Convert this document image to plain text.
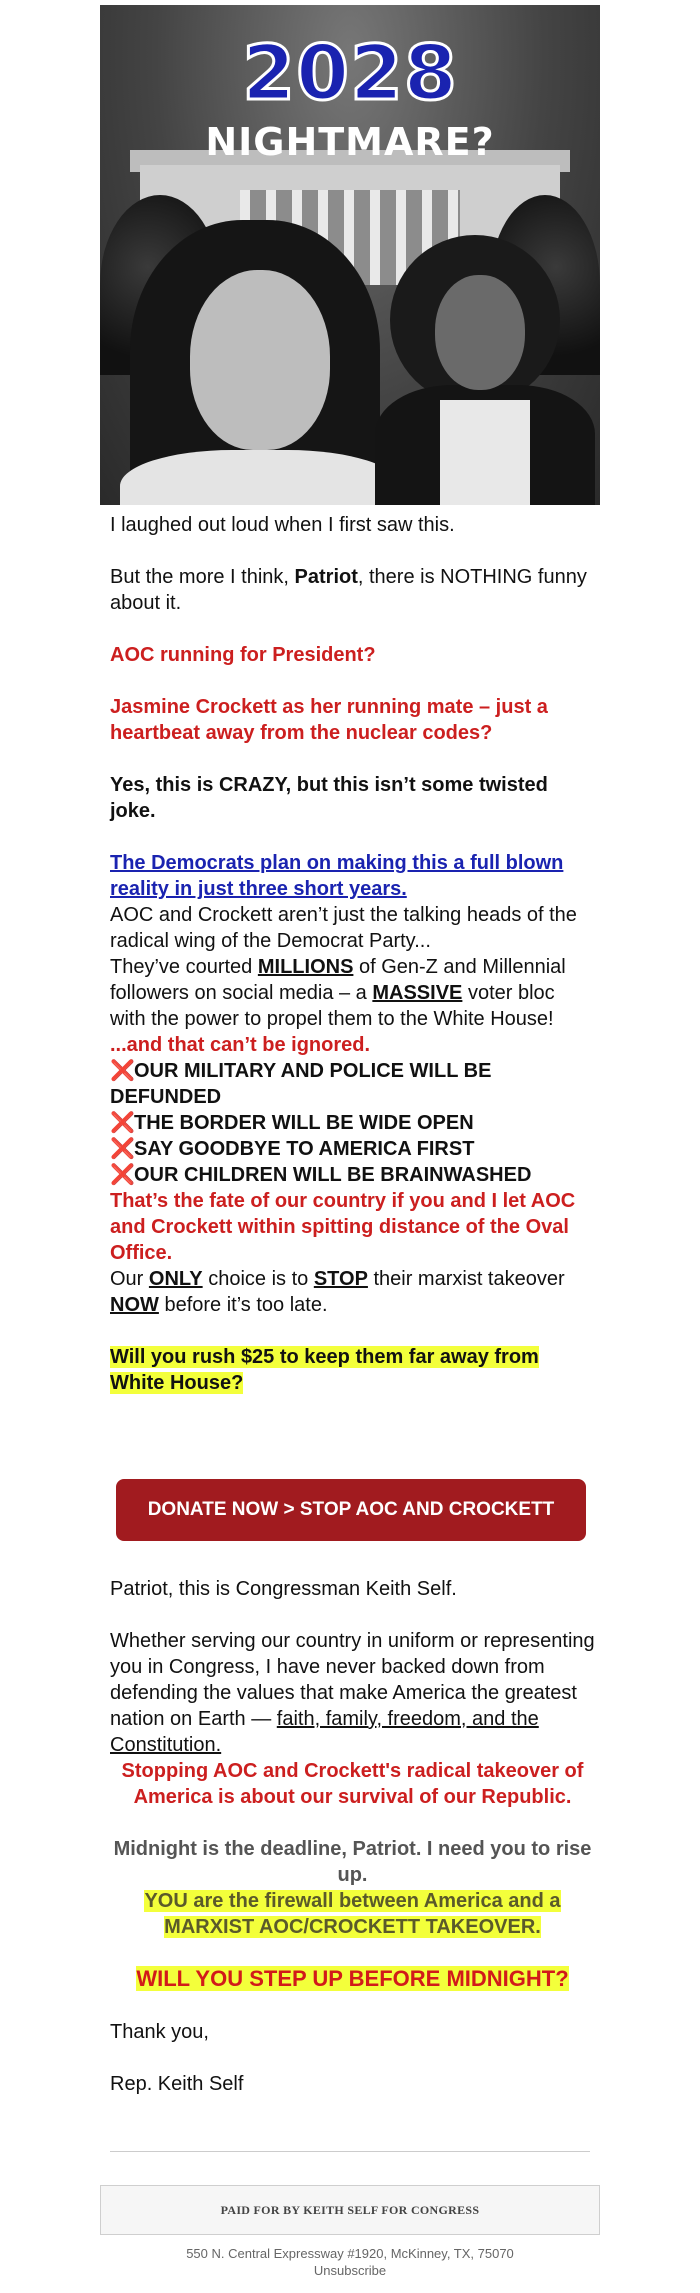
2028
NIGHTMARE?

I laughed out loud when I first saw this.

But the more I think, Patriot, there is NOTHING funny about it.

AOC running for President?

Jasmine Crockett as her running mate – just a heartbeat away from the nuclear codes?

Yes, this is CRAZY, but this isn’t some twisted joke.

The Democrats plan on making this a full blown reality in just three short years.

AOC and Crockett aren’t just the talking heads of the radical wing of the Democrat Party...

They’ve courted MILLIONS of Gen-Z and Millennial followers on social media – a MASSIVE voter bloc with the power to propel them to the White House!

...and that can’t be ignored.

❌OUR MILITARY AND POLICE WILL BE DEFUNDED

❌THE BORDER WILL BE WIDE OPEN

❌SAY GOODBYE TO AMERICA FIRST

❌OUR CHILDREN WILL BE BRAINWASHED

That’s the fate of our country if you and I let AOC and Crockett within spitting distance of the Oval Office.

Our ONLY choice is to STOP their marxist takeover NOW before it’s too late.

Will you rush $25 to keep them far away from White House?

DONATE NOW > STOP AOC AND CROCKETT

Patriot, this is Congressman Keith Self.

Whether serving our country in uniform or representing you in Congress, I have never backed down from defending the values that make America the greatest nation on Earth — faith, family, freedom, and the Constitution.

Stopping AOC and Crockett's radical takeover of America is about our survival of our Republic.

Midnight is the deadline, Patriot. I need you to rise up.

YOU are the firewall between America and a MARXIST AOC/CROCKETT TAKEOVER.

WILL YOU STEP UP BEFORE MIDNIGHT?

Thank you,

Rep. Keith Self

PAID FOR BY KEITH SELF FOR CONGRESS
550 N. Central Expressway #1920, McKinney, TX, 75070
Unsubscribe
